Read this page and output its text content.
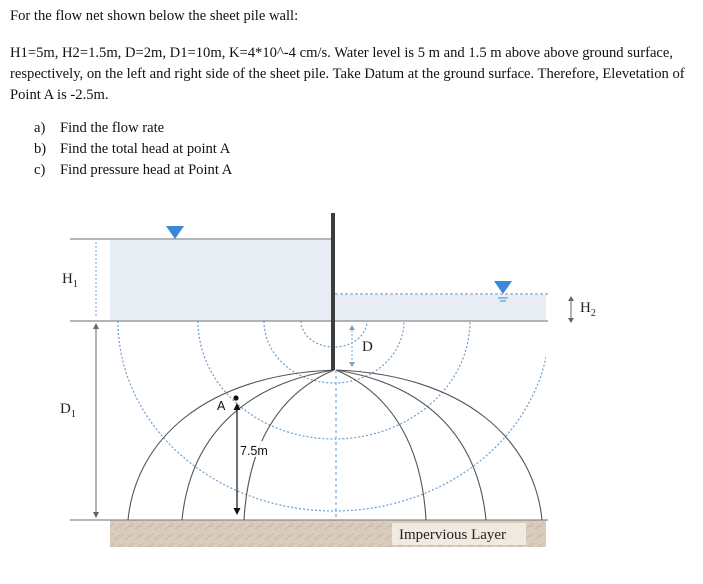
For the flow net shown below the sheet pile wall:

H1=5m, H2=1.5m, D=2m, D1=10m, K=4*10^-4 cm/s. Water level is 5 m and 1.5 m above above ground surface, respectively, on the left and right side of the sheet pile. Take Datum at the ground surface. Therefore, Elevetation of Point A is -2.5m.

a) Find the flow rate
b) Find the total head at point A
c) Find pressure head at Point A
$H_1$
$D_1$
$H_2$
D
A
7.5m
Impervious Layer
